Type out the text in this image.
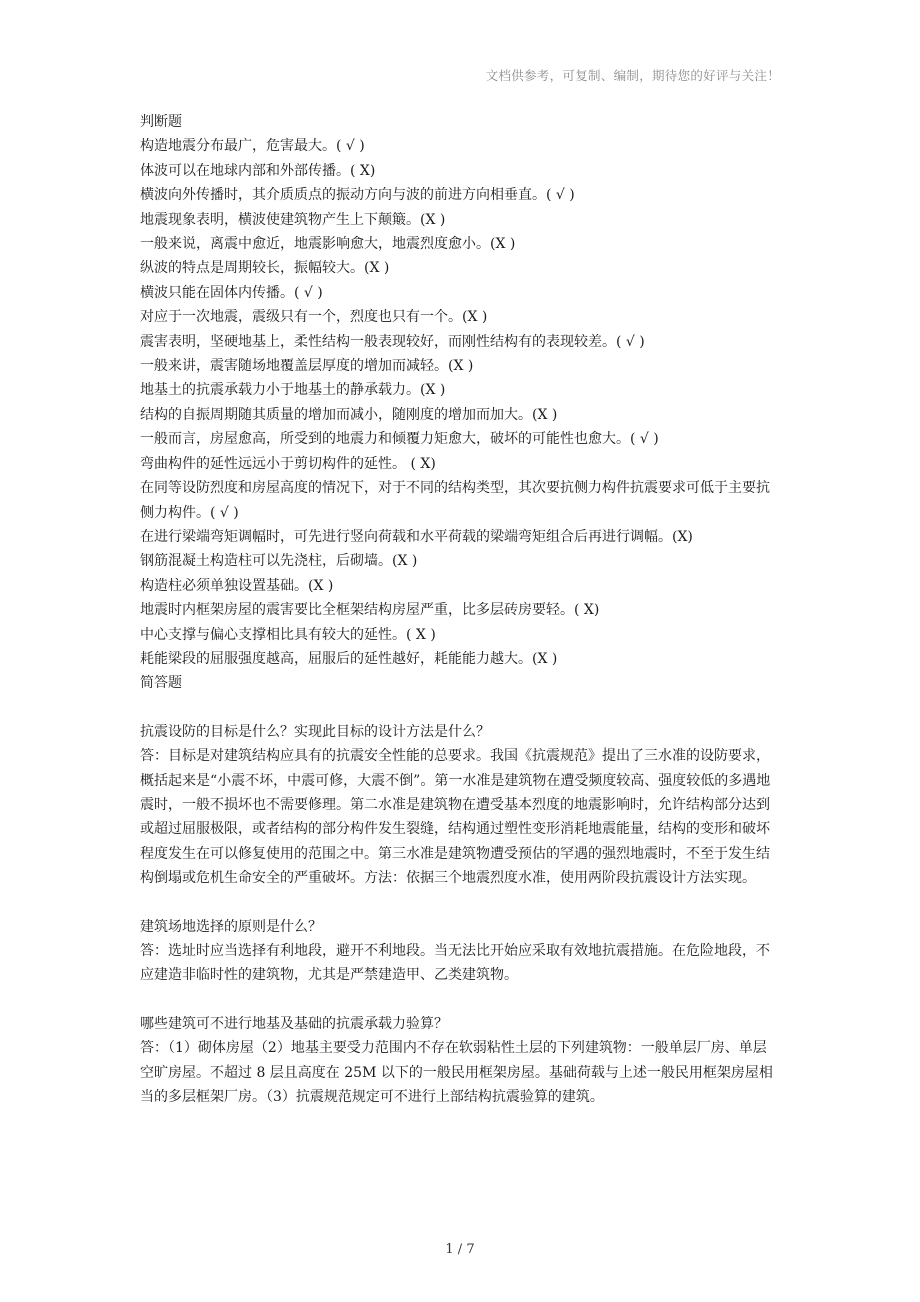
文档供参考，可复制、编制，期待您的好评与关注！
判断题
构造地震分布最广，危害最大。( √ )
体波可以在地球内部和外部传播。( X)
横波向外传播时，其介质质点的振动方向与波的前进方向相垂直。( √ )
地震现象表明，横波使建筑物产生上下颠簸。(X )
一般来说，离震中愈近，地震影响愈大，地震烈度愈小。(X )
纵波的特点是周期较长，振幅较大。(X )
横波只能在固体内传播。( √ )
对应于一次地震，震级只有一个，烈度也只有一个。(X )
震害表明，坚硬地基上，柔性结构一般表现较好，而刚性结构有的表现较差。( √ )
一般来讲，震害随场地覆盖层厚度的增加而减轻。(X )
地基土的抗震承载力小于地基土的静承载力。(X )
结构的自振周期随其质量的增加而减小，随刚度的增加而加大。(X )
一般而言，房屋愈高，所受到的地震力和倾覆力矩愈大，破坏的可能性也愈大。( √ )
弯曲构件的延性远远小于剪切构件的延性。 ( X)
在同等设防烈度和房屋高度的情况下，对于不同的结构类型，其次要抗侧力构件抗震要求可低于主要抗侧力构件。( √ )
在进行梁端弯矩调幅时，可先进行竖向荷载和水平荷载的梁端弯矩组合后再进行调幅。(X)
钢筋混凝土构造柱可以先浇柱，后砌墙。(X )
构造柱必须单独设置基础。(X )
地震时内框架房屋的震害要比全框架结构房屋严重，比多层砖房要轻。( X)
中心支撑与偏心支撑相比具有较大的延性。( X )
耗能梁段的屈服强度越高，屈服后的延性越好，耗能能力越大。(X )
简答题
抗震设防的目标是什么？实现此目标的设计方法是什么？
答：目标是对建筑结构应具有的抗震安全性能的总要求。我国《抗震规范》提出了三水准的设防要求，概括起来是“小震不坏，中震可修，大震不倒”。第一水准是建筑物在遭受频度较高、强度较低的多遇地震时，一般不损坏也不需要修理。第二水准是建筑物在遭受基本烈度的地震影响时，允许结构部分达到或超过屈服极限，或者结构的部分构件发生裂缝，结构通过塑性变形消耗地震能量，结构的变形和破坏程度发生在可以修复使用的范围之中。第三水准是建筑物遭受预估的罕遇的强烈地震时，不至于发生结构倒塌或危机生命安全的严重破坏。方法：依据三个地震烈度水准，使用两阶段抗震设计方法实现。
建筑场地选择的原则是什么？
答：选址时应当选择有利地段，避开不利地段。当无法比开始应采取有效地抗震措施。在危险地段，不应建造非临时性的建筑物，尤其是严禁建造甲、乙类建筑物。
哪些建筑可不进行地基及基础的抗震承载力验算？
答：（1）砌体房屋（2）地基主要受力范围内不存在软弱粘性土层的下列建筑物：一般单层厂房、单层空旷房屋。不超过 8 层且高度在 25M 以下的一般民用框架房屋。基础荷载与上述一般民用框架房屋相当的多层框架厂房。（3）抗震规范规定可不进行上部结构抗震验算的建筑。
1 / 7
